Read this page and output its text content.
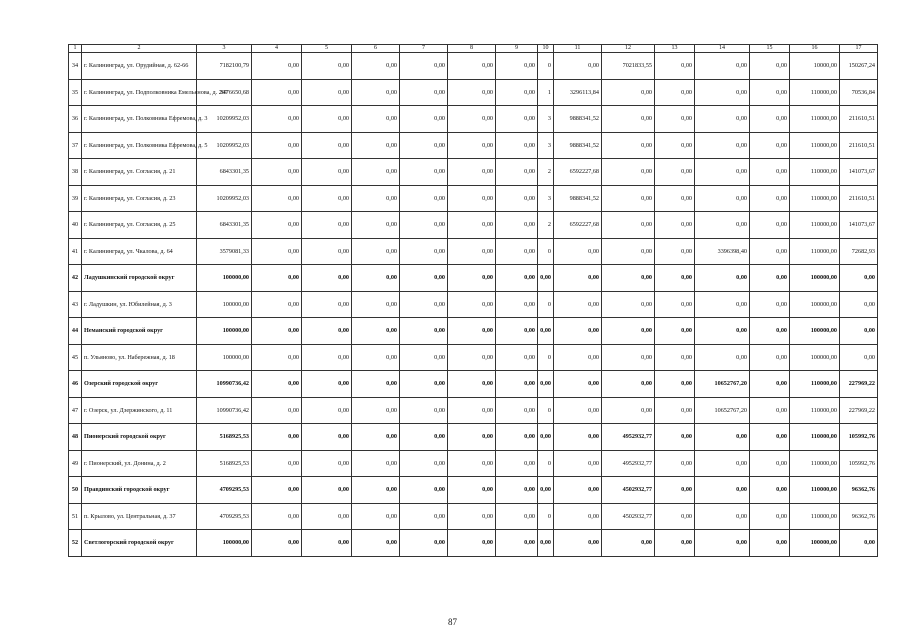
1	2	3	4	5	6	7	8	9	10	11	12	13	14	15	16	17
34	г. Калининград, ул. Орудийная, д. 62-66	7182100,79	0,00	0,00	0,00	0,00	0,00	0,00	0	0,00	7021833,55	0,00	0,00	0,00	10000,00	150267,24
35	г. Калининград, ул. Подполковника Емельянова, д. 207	3476650,68	0,00	0,00	0,00	0,00	0,00	0,00	1	3296113,84	0,00	0,00	0,00	0,00	110000,00	70536,84
36	г. Калининград, ул. Полковника Ефремова, д. 3	10209952,03	0,00	0,00	0,00	0,00	0,00	0,00	3	9888341,52	0,00	0,00	0,00	0,00	110000,00	211610,51
37	г. Калининград, ул. Полковника Ефремова, д. 5	10209952,03	0,00	0,00	0,00	0,00	0,00	0,00	3	9888341,52	0,00	0,00	0,00	0,00	110000,00	211610,51
38	г. Калининград, ул. Согласия, д. 21	6843301,35	0,00	0,00	0,00	0,00	0,00	0,00	2	6592227,68	0,00	0,00	0,00	0,00	110000,00	141073,67
39	г. Калининград, ул. Согласия, д. 23	10209952,03	0,00	0,00	0,00	0,00	0,00	0,00	3	9888341,52	0,00	0,00	0,00	0,00	110000,00	211610,51
40	г. Калининград, ул. Согласия, д. 25	6843301,35	0,00	0,00	0,00	0,00	0,00	0,00	2	6592227,68	0,00	0,00	0,00	0,00	110000,00	141073,67
41	г. Калининград, ул. Чкалова, д. 64	3579081,33	0,00	0,00	0,00	0,00	0,00	0,00	0	0,00	0,00	0,00	3396398,40	0,00	110000,00	72682,93
42	Ладушкинский городской округ	100000,00	0,00	0,00	0,00	0,00	0,00	0,00	0,00	0,00	0,00	0,00	0,00	0,00	100000,00	0,00
43	г. Ладушкин, ул. Юбилейная, д. 3	100000,00	0,00	0,00	0,00	0,00	0,00	0,00	0	0,00	0,00	0,00	0,00	0,00	100000,00	0,00
44	Неманский городской округ	100000,00	0,00	0,00	0,00	0,00	0,00	0,00	0,00	0,00	0,00	0,00	0,00	0,00	100000,00	0,00
45	п. Ульяново, ул. Набережная, д. 18	100000,00	0,00	0,00	0,00	0,00	0,00	0,00	0	0,00	0,00	0,00	0,00	0,00	100000,00	0,00
46	Озерский городской округ	10990736,42	0,00	0,00	0,00	0,00	0,00	0,00	0,00	0,00	0,00	0,00	10652767,20	0,00	110000,00	227969,22
47	г. Озерск, ул. Дзержинского, д. 11	10990736,42	0,00	0,00	0,00	0,00	0,00	0,00	0	0,00	0,00	0,00	10652767,20	0,00	110000,00	227969,22
48	Пионерский городской округ	5168925,53	0,00	0,00	0,00	0,00	0,00	0,00	0,00	0,00	4952932,77	0,00	0,00	0,00	110000,00	105992,76
49	г. Пионерский, ул. Донина, д. 2	5168925,53	0,00	0,00	0,00	0,00	0,00	0,00	0	0,00	4952932,77	0,00	0,00	0,00	110000,00	105992,76
50	Правдинский городской округ	4709295,53	0,00	0,00	0,00	0,00	0,00	0,00	0,00	0,00	4502932,77	0,00	0,00	0,00	110000,00	96362,76
51	п. Крылово, ул. Центральная, д. 37	4709295,53	0,00	0,00	0,00	0,00	0,00	0,00	0	0,00	4502932,77	0,00	0,00	0,00	110000,00	96362,76
52	Светлогорский городской округ	100000,00	0,00	0,00	0,00	0,00	0,00	0,00	0,00	0,00	0,00	0,00	0,00	0,00	100000,00	0,00
87
